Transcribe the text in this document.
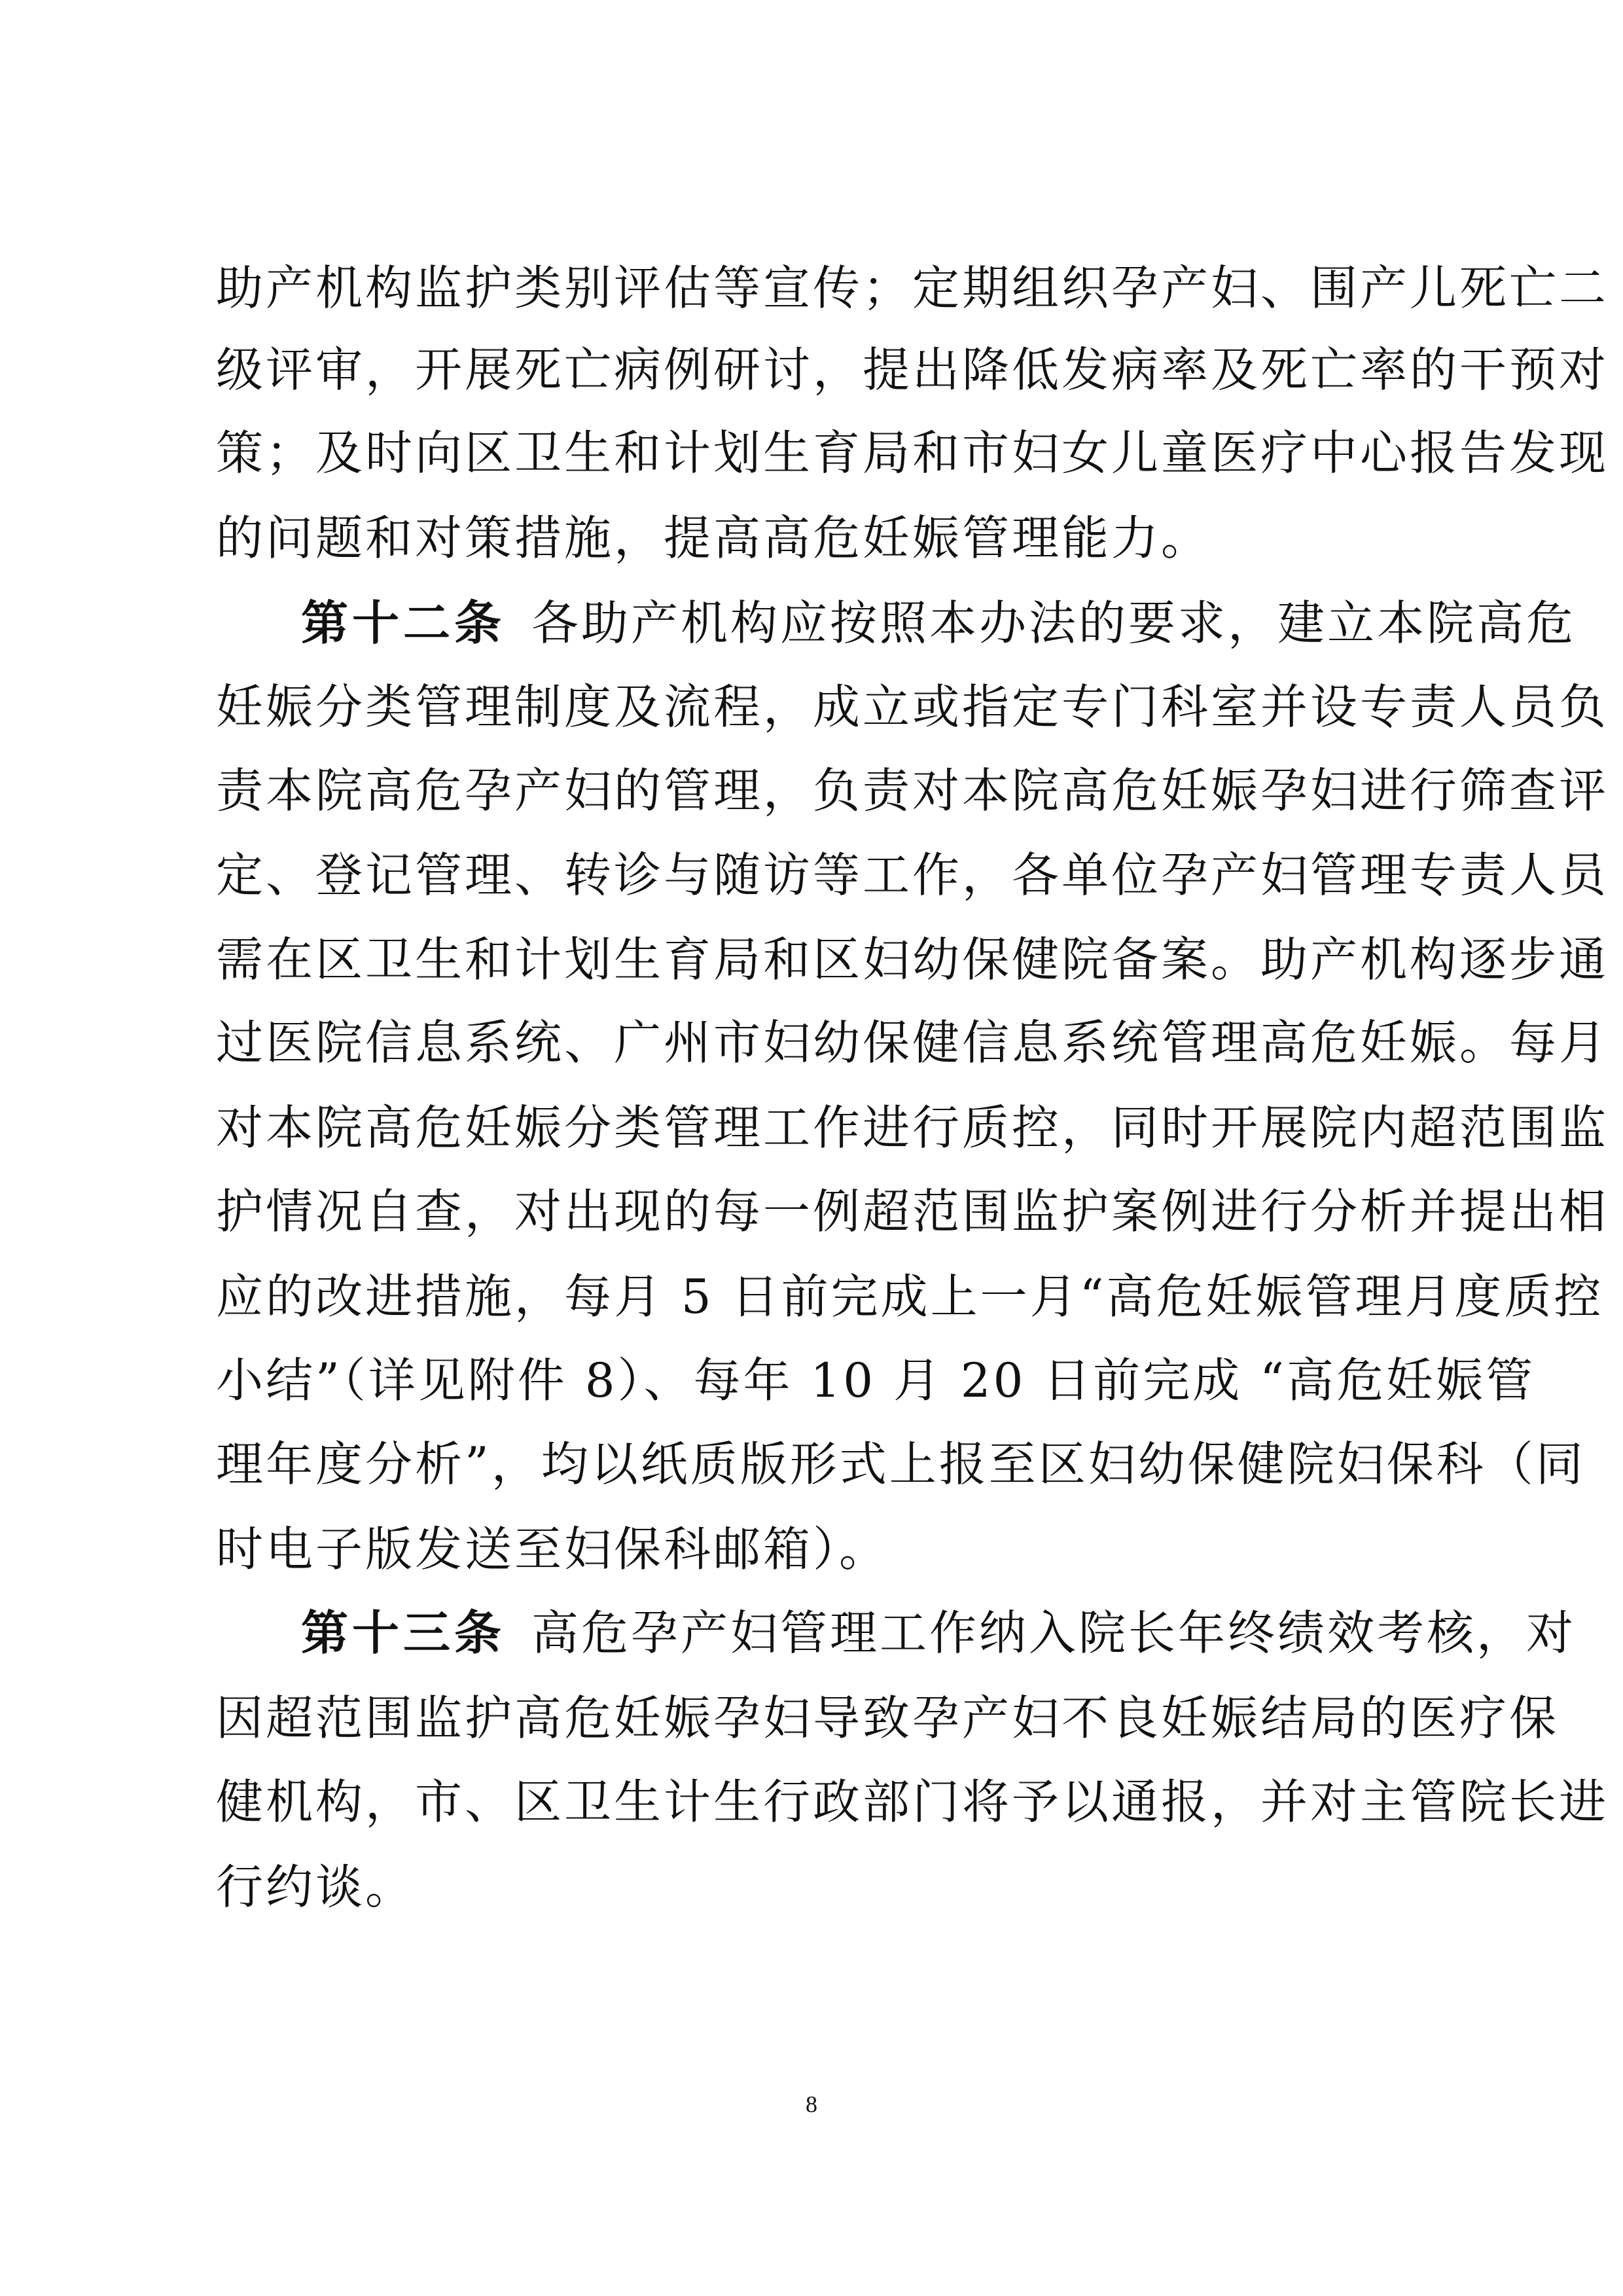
助产机构监护类别评估等宣传；定期组织孕产妇、围产儿死亡二
级评审，开展死亡病例研讨，提出降低发病率及死亡率的干预对
策；及时向区卫生和计划生育局和市妇女儿童医疗中心报告发现
的问题和对策措施，提高高危妊娠管理能力。
第十二条 各助产机构应按照本办法的要求，建立本院高危
妊娠分类管理制度及流程，成立或指定专门科室并设专责人员负
责本院高危孕产妇的管理，负责对本院高危妊娠孕妇进行筛查评
定、登记管理、转诊与随访等工作，各单位孕产妇管理专责人员
需在区卫生和计划生育局和区妇幼保健院备案。助产机构逐步通
过医院信息系统、广州市妇幼保健信息系统管理高危妊娠。每月
对本院高危妊娠分类管理工作进行质控，同时开展院内超范围监
护情况自查，对出现的每一例超范围监护案例进行分析并提出相
应的改进措施，每月 5 日前完成上一月“高危妊娠管理月度质控
小结”（详见附件 8）、每年 10 月 20 日前完成 “高危妊娠管
理年度分析”，均以纸质版形式上报至区妇幼保健院妇保科（同
时电子版发送至妇保科邮箱）。
第十三条 高危孕产妇管理工作纳入院长年终绩效考核，对
因超范围监护高危妊娠孕妇导致孕产妇不良妊娠结局的医疗保
健机构，市、区卫生计生行政部门将予以通报，并对主管院长进
行约谈。
8
